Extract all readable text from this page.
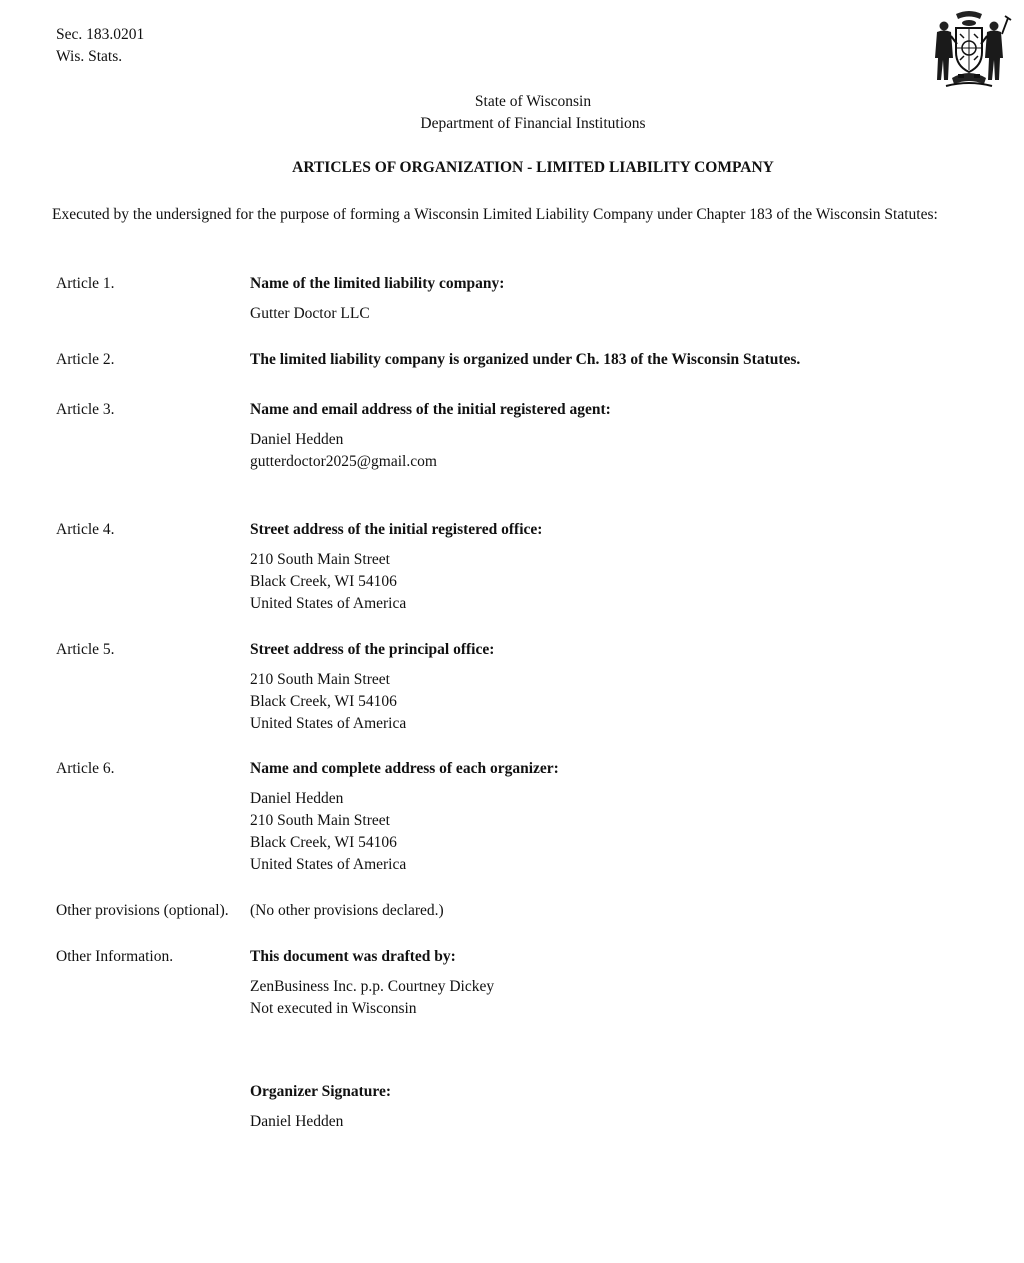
Sec. 183.0201
Wis. Stats.
State of Wisconsin
Department of Financial Institutions
ARTICLES OF ORGANIZATION - LIMITED LIABILITY COMPANY
Executed by the undersigned for the purpose of forming a Wisconsin Limited Liability Company under Chapter 183 of the Wisconsin Statutes:
Article 1.	Name of the limited liability company:
Gutter Doctor LLC
Article 2.	The limited liability company is organized under Ch. 183 of the Wisconsin Statutes.
Article 3.	Name and email address of the initial registered agent:
Daniel Hedden
gutterdoctor2025@gmail.com
Article 4.	Street address of the initial registered office:
210 South Main Street
Black Creek, WI 54106
United States of America
Article 5.	Street address of the principal office:
210 South Main Street
Black Creek, WI 54106
United States of America
Article 6.	Name and complete address of each organizer:
Daniel Hedden
210 South Main Street
Black Creek, WI 54106
United States of America
Other provisions (optional). (No other provisions declared.)
Other Information.	This document was drafted by:
ZenBusiness Inc. p.p. Courtney Dickey
Not executed in Wisconsin
Organizer Signature:
Daniel Hedden
